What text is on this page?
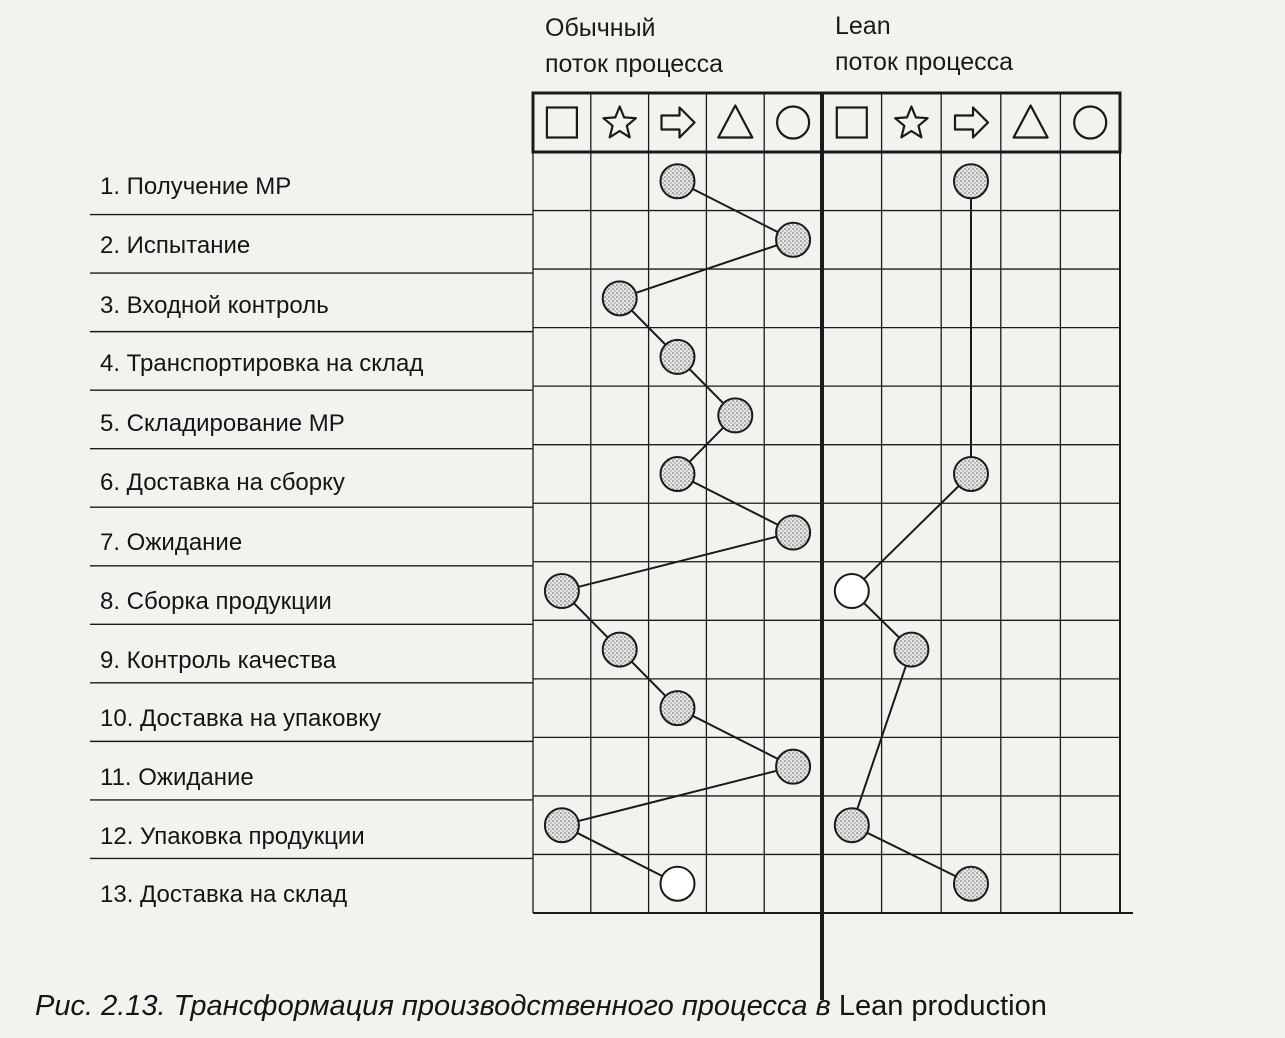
Обычный
поток процесса
Lean
поток процесса
1. Получение МР
2. Испытание
3. Входной контроль
4. Транспортировка на склад
5. Складирование МР
6. Доставка на сборку
7. Ожидание
8. Сборка продукции
9. Контроль качества
10. Доставка на упаковку
11. Ожидание
12. Упаковка продукции
13. Доставка на склад
Рис. 2.13. Трансформация производственного процесса в Lean production
